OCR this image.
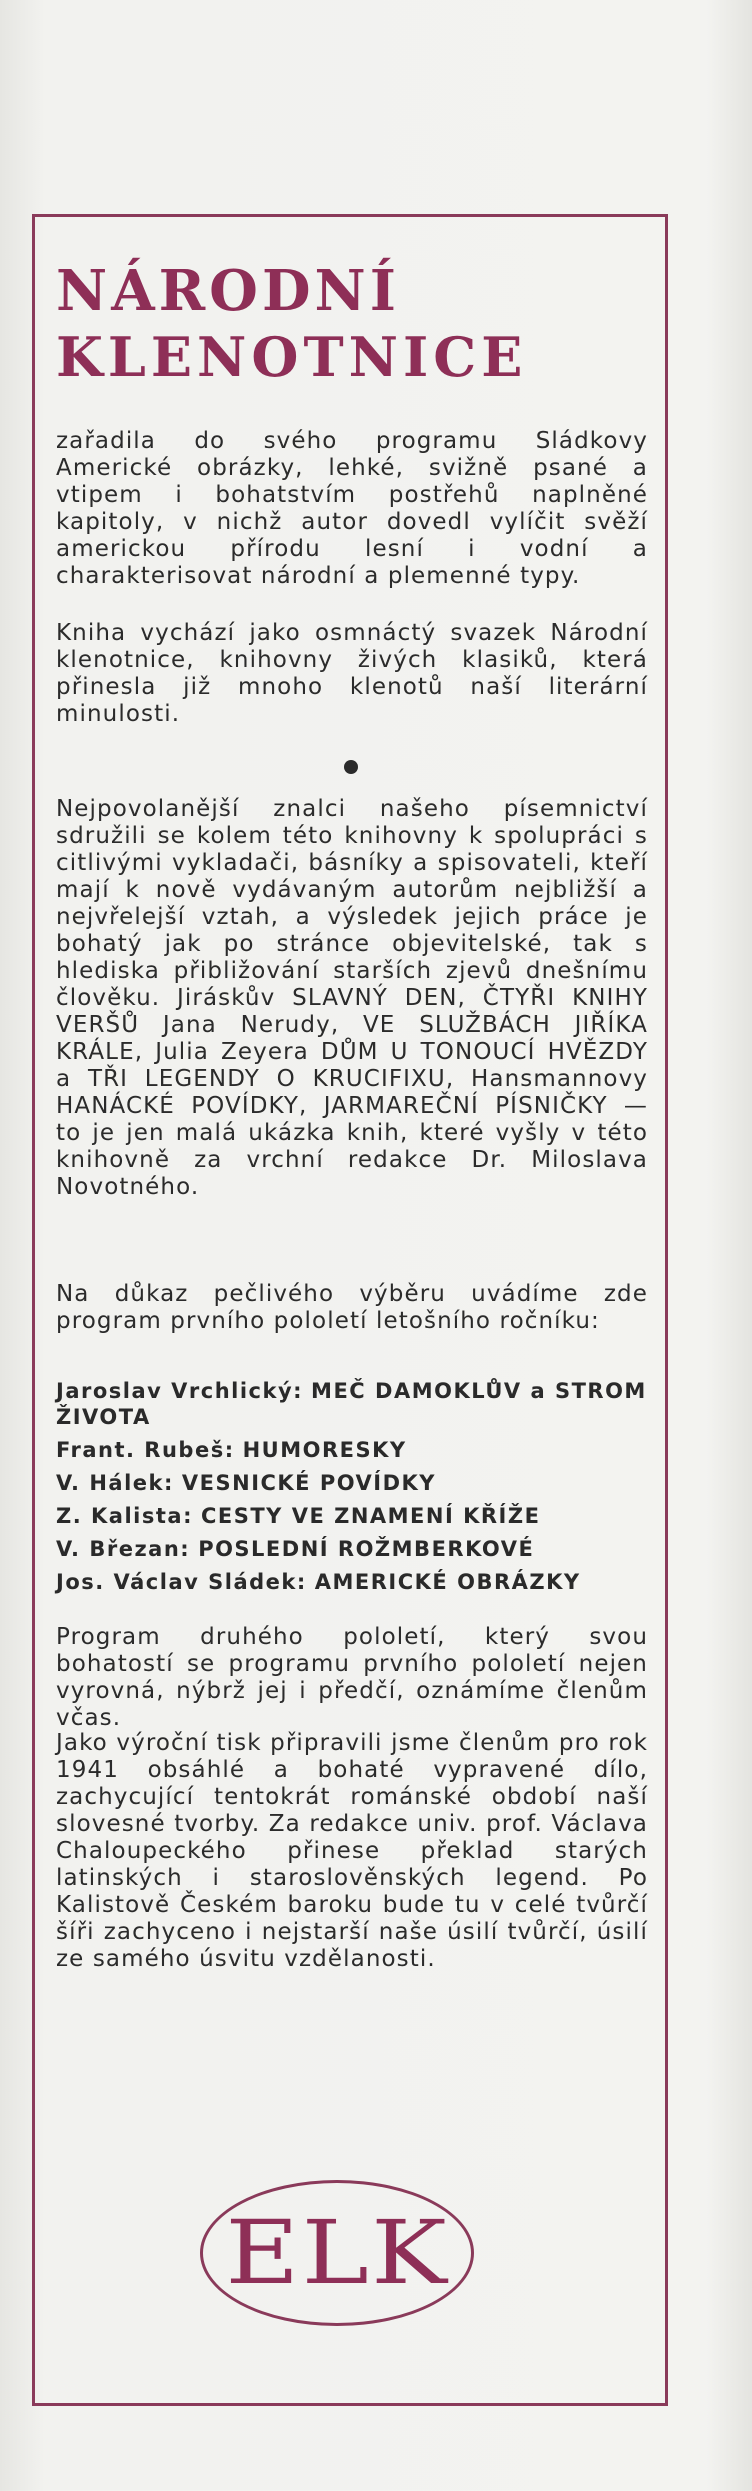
NÁRODNÍ
KLENOTNICE
zařadila do svého programu Sládkovy Americké obrázky, lehké, svižně psané a vtipem i bohatstvím postřehů naplněné kapitoly, v nichž autor dovedl vylíčit svěží americkou přírodu lesní i vodní a charakterisovat národní a plemenné typy.
Kniha vychází jako osmnáctý svazek Národní klenotnice, knihovny živých klasiků, která přinesla již mnoho klenotů naší literární minulosti.
Nejpovolanější znalci našeho písemnictví sdružili se kolem této knihovny k spolupráci s citlivými vykladači, básníky a spisovateli, kteří mají k nově vydávaným autorům nejbližší a nejvřelejší vztah, a výsledek jejich práce je bohatý jak po stránce objevitelské, tak s hlediska přibližování starších zjevů dnešnímu člověku. Jiráskův SLAVNÝ DEN, ČTYŘI KNIHY VERŠŮ Jana Nerudy, VE SLUŽBÁCH JIŘÍKA KRÁLE, Julia Zeyera DŮM U TONOUCÍ HVĚZDY a TŘI LEGENDY O KRUCIFIXU, Hansmannovy HANÁCKÉ POVÍDKY, JARMAREČNÍ PÍSNIČKY — to je jen malá ukázka knih, které vyšly v této knihovně za vrchní redakce Dr. Miloslava Novotného.
Na důkaz pečlivého výběru uvádíme zde program prvního pololetí letošního ročníku:
Jaroslav Vrchlický: MEČ DAMOKLŮV a STROM ŽIVOTA
Frant. Rubeš: HUMORESKY
V. Hálek: VESNICKÉ POVÍDKY
Z. Kalista: CESTY VE ZNAMENÍ KŘÍŽE
V. Březan: POSLEDNÍ ROŽMBERKOVÉ
Jos. Václav Sládek: AMERICKÉ OBRÁZKY
Program druhého pololetí, který svou bohatostí se programu prvního pololetí nejen vyrovná, nýbrž jej i předčí, oznámíme členům včas.
Jako výroční tisk připravili jsme členům pro rok 1941 obsáhlé a bohaté vypravené dílo, zachycující tentokrát románské období naší slovesné tvorby. Za redakce univ. prof. Václava Chaloupeckého přinese překlad starých latinských i staroslověnských legend. Po Kalistově Českém baroku bude tu v celé tvůrčí šíři zachyceno i nejstarší naše úsilí tvůrčí, úsilí ze samého úsvitu vzdělanosti.
ELK
